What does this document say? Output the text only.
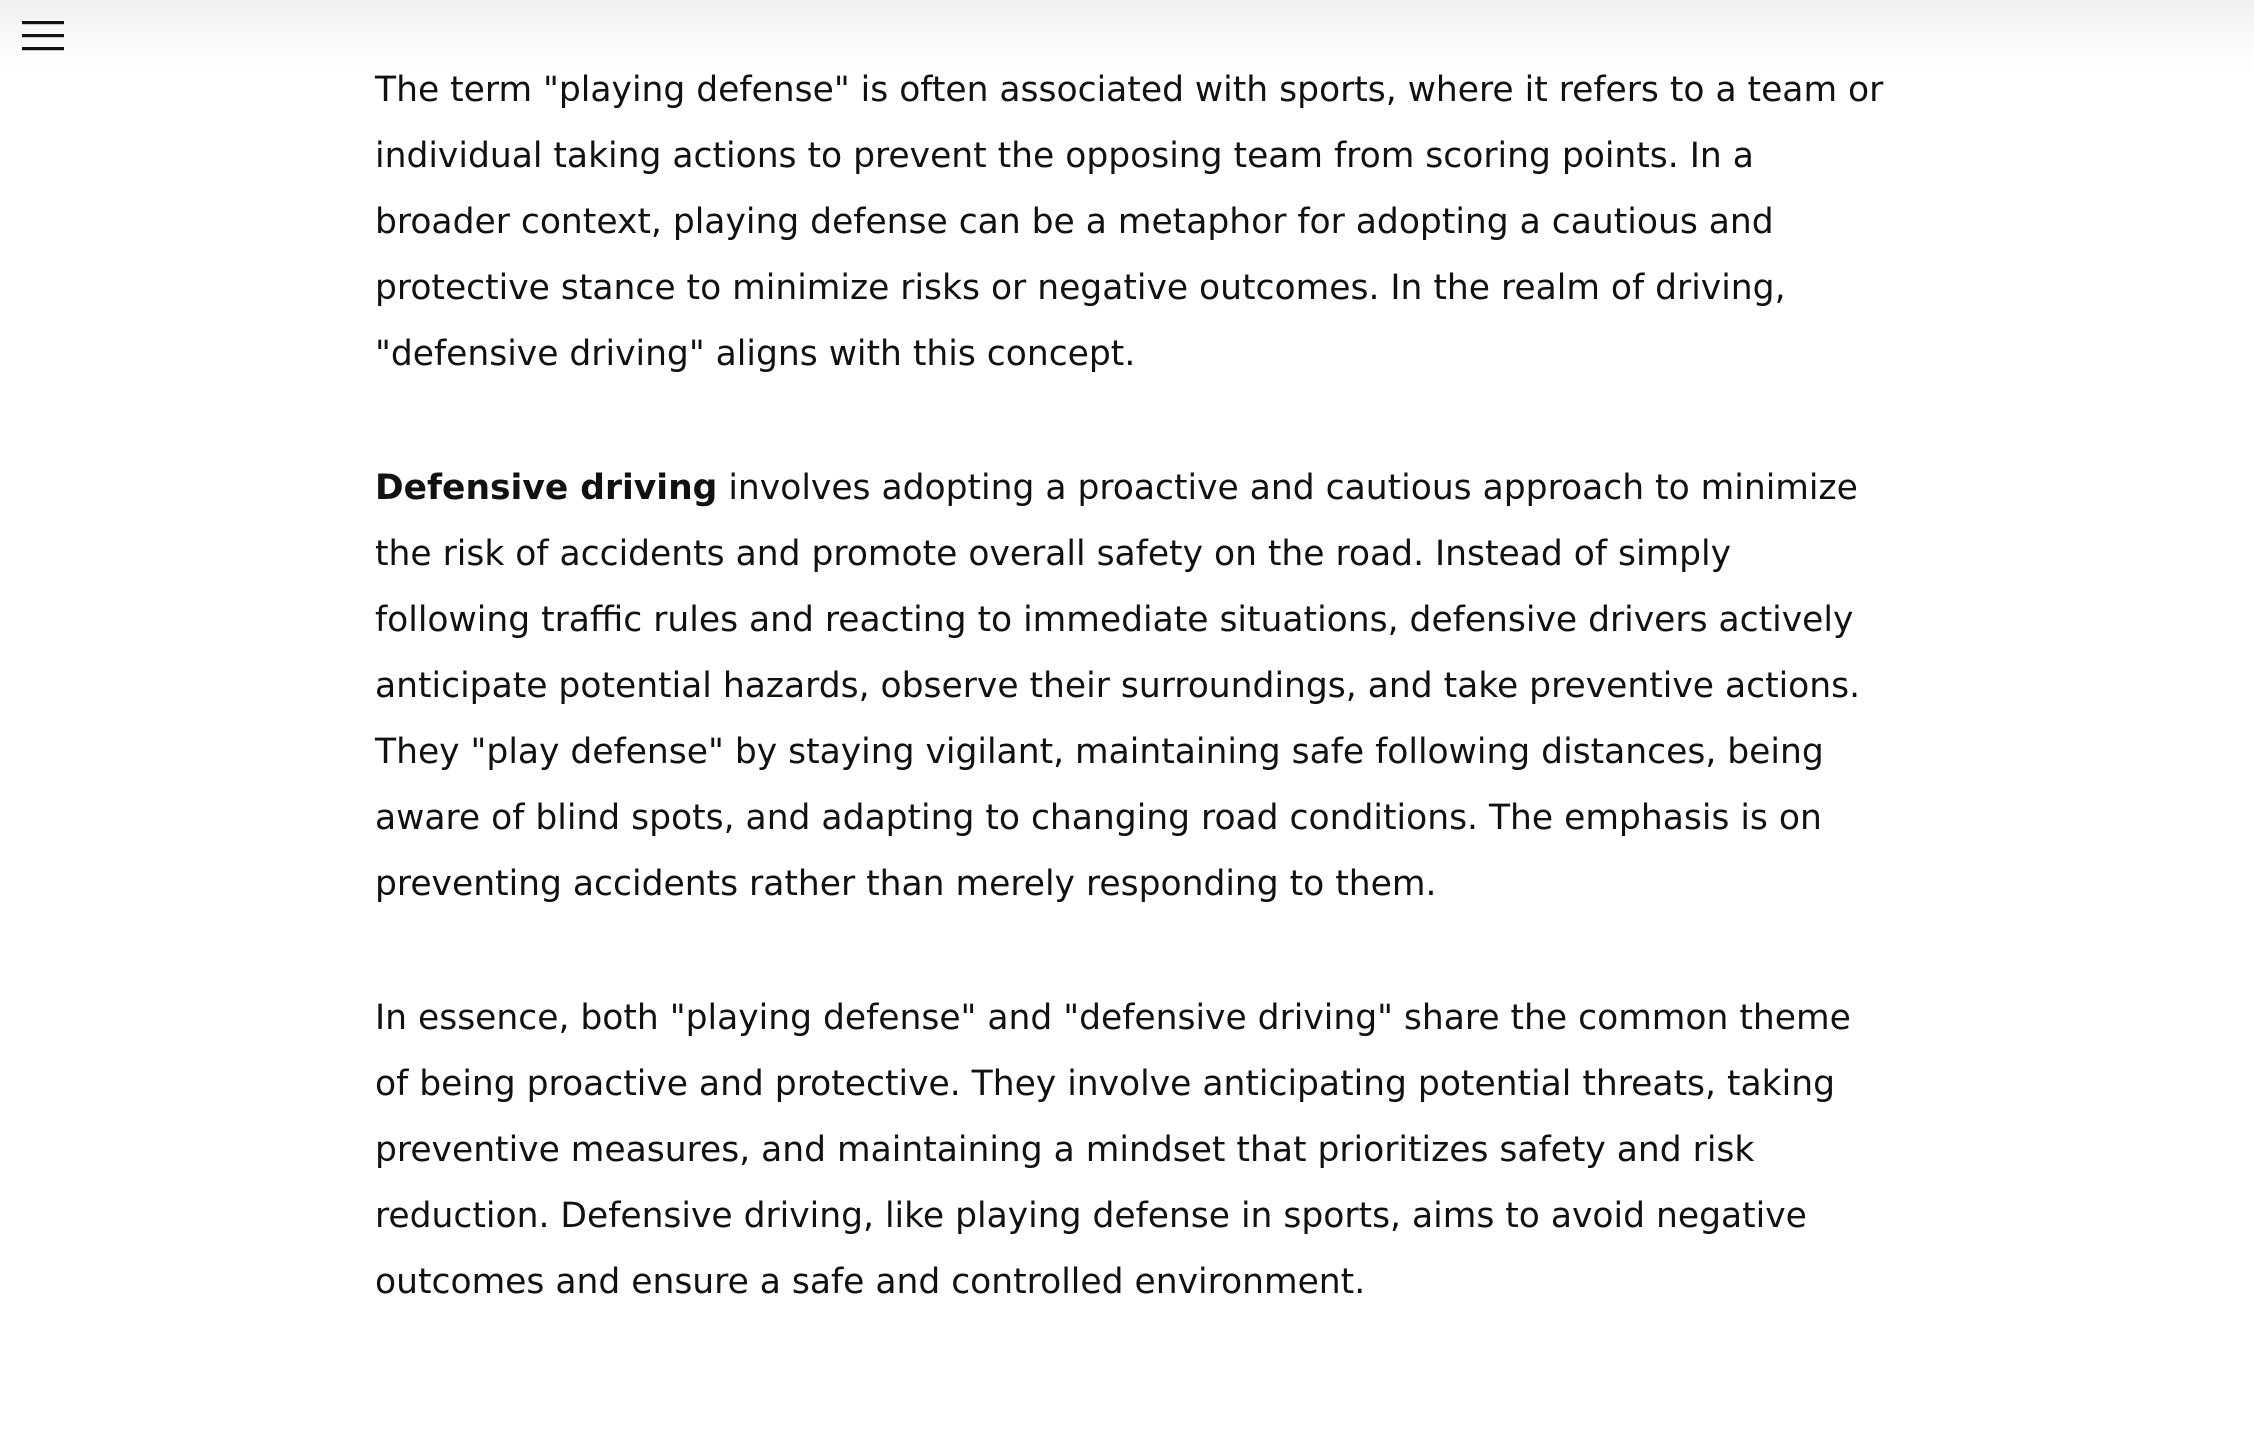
The term "playing defense" is often associated with sports, where it refers to a team or individual taking actions to prevent the opposing team from scoring points. In a broader context, playing defense can be a metaphor for adopting a cautious and protective stance to minimize risks or negative outcomes. In the realm of driving, "defensive driving" aligns with this concept.

Defensive driving involves adopting a proactive and cautious approach to minimize the risk of accidents and promote overall safety on the road. Instead of simply following traffic rules and reacting to immediate situations, defensive drivers actively anticipate potential hazards, observe their surroundings, and take preventive actions. They "play defense" by staying vigilant, maintaining safe following distances, being aware of blind spots, and adapting to changing road conditions. The emphasis is on preventing accidents rather than merely responding to them.

In essence, both "playing defense" and "defensive driving" share the common theme of being proactive and protective. They involve anticipating potential threats, taking preventive measures, and maintaining a mindset that prioritizes safety and risk reduction. Defensive driving, like playing defense in sports, aims to avoid negative outcomes and ensure a safe and controlled environment.
